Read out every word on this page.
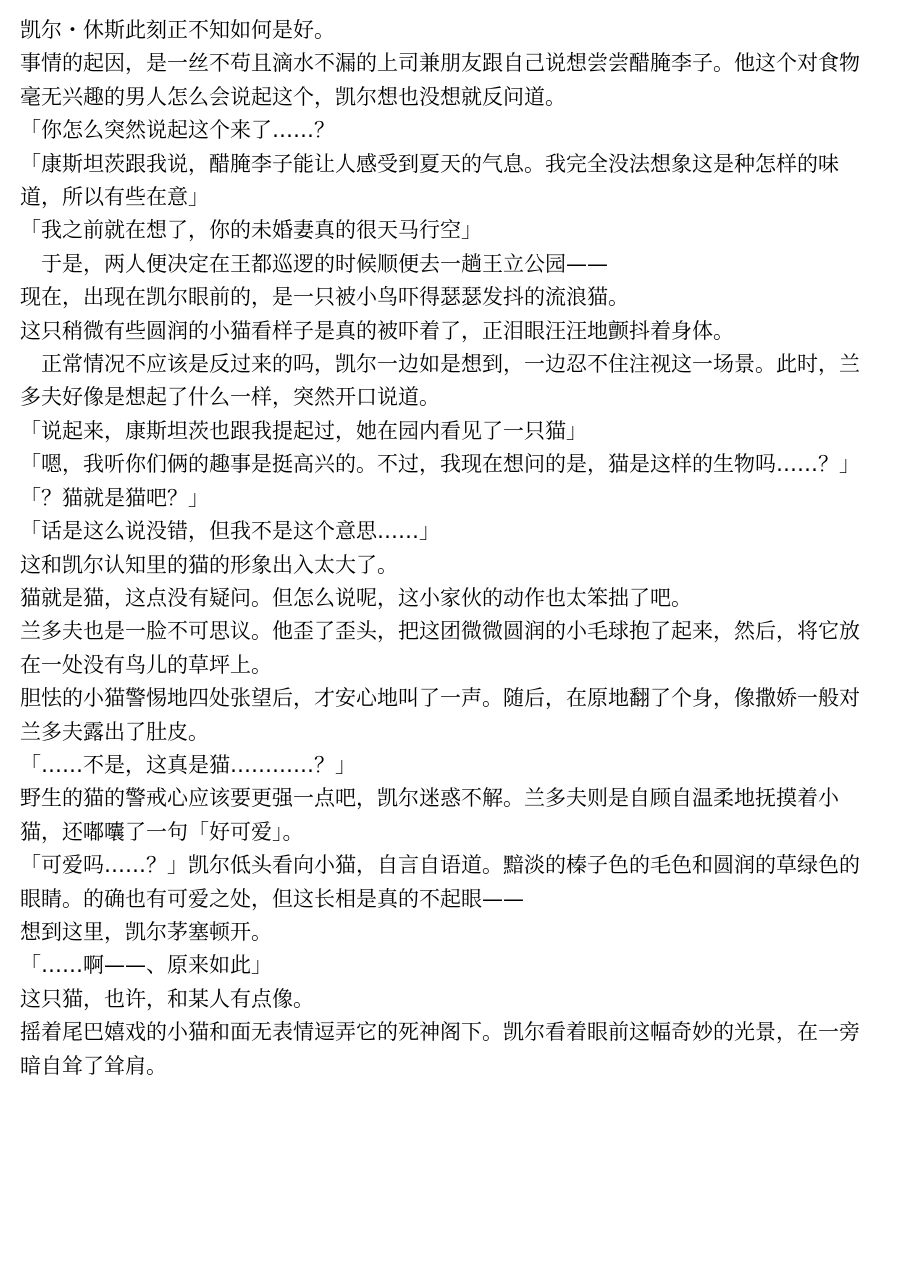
凯尔・休斯此刻正不知如何是好。

事情的起因，是一丝不苟且滴水不漏的上司兼朋友跟自己说想尝尝醋腌李子。他这个对食物毫无兴趣的男人怎么会说起这个，凯尔想也没想就反问道。

「你怎么突然说起这个来了……？

「康斯坦茨跟我说，醋腌李子能让人感受到夏天的气息。我完全没法想象这是种怎样的味道，所以有些在意」

「我之前就在想了，你的未婚妻真的很天马行空」

　于是，两人便决定在王都巡逻的时候顺便去一趟王立公园——

现在，出现在凯尔眼前的，是一只被小鸟吓得瑟瑟发抖的流浪猫。

这只稍微有些圆润的小猫看样子是真的被吓着了，正泪眼汪汪地颤抖着身体。

　正常情况不应该是反过来的吗，凯尔一边如是想到，一边忍不住注视这一场景。此时，兰多夫好像是想起了什么一样，突然开口说道。

「说起来，康斯坦茨也跟我提起过，她在园内看见了一只猫」

「嗯，我听你们俩的趣事是挺高兴的。不过，我现在想问的是，猫是这样的生物吗……？」

「？猫就是猫吧？」

「话是这么说没错，但我不是这个意思……」

这和凯尔认知里的猫的形象出入太大了。

猫就是猫，这点没有疑问。但怎么说呢，这小家伙的动作也太笨拙了吧。

兰多夫也是一脸不可思议。他歪了歪头，把这团微微圆润的小毛球抱了起来，然后，将它放在一处没有鸟儿的草坪上。

胆怯的小猫警惕地四处张望后，才安心地叫了一声。随后，在原地翻了个身，像撒娇一般对兰多夫露出了肚皮。

「……不是，这真是猫…………？」

野生的猫的警戒心应该要更强一点吧，凯尔迷惑不解。兰多夫则是自顾自温柔地抚摸着小猫，还嘟囔了一句「好可爱」。

「可爱吗……？」凯尔低头看向小猫，自言自语道。黯淡的榛子色的毛色和圆润的草绿色的眼睛。的确也有可爱之处，但这长相是真的不起眼——

想到这里，凯尔茅塞顿开。

「……啊——、原来如此」

这只猫，也许，和某人有点像。

摇着尾巴嬉戏的小猫和面无表情逗弄它的死神阁下。凯尔看着眼前这幅奇妙的光景，在一旁暗自耸了耸肩。
